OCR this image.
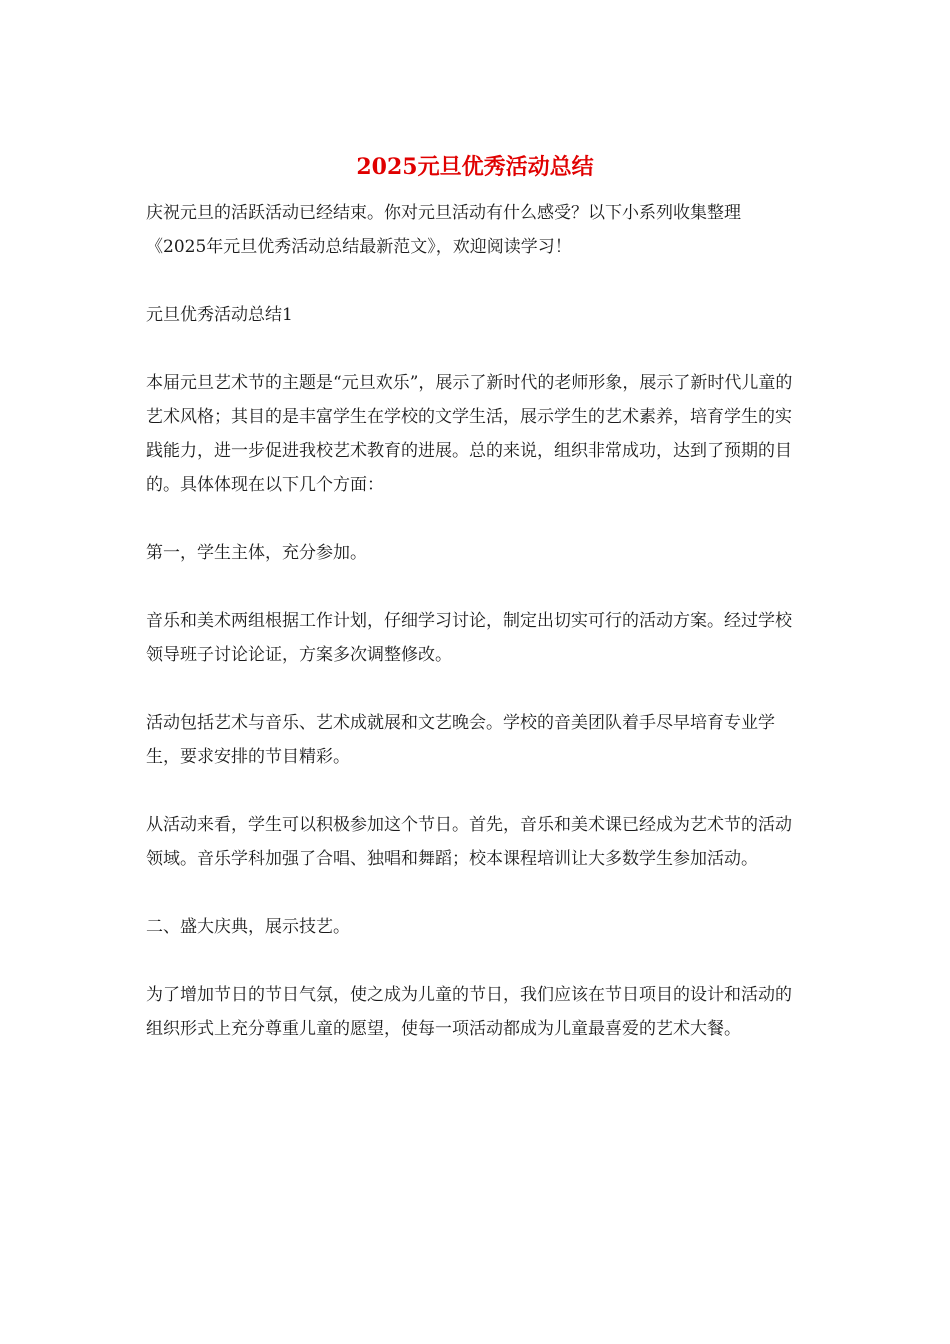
2025元旦优秀活动总结

庆祝元旦的活跃活动已经结束。你对元旦活动有什么感受？以下小系列收集整理《2025年元旦优秀活动总结最新范文》，欢迎阅读学习！

元旦优秀活动总结1

本届元旦艺术节的主题是“元旦欢乐”，展示了新时代的老师形象，展示了新时代儿童的艺术风格；其目的是丰富学生在学校的文学生活，展示学生的艺术素养，培育学生的实践能力，进一步促进我校艺术教育的进展。总的来说，组织非常成功，达到了预期的目的。具体体现在以下几个方面：

第一，学生主体，充分参加。

音乐和美术两组根据工作计划，仔细学习讨论，制定出切实可行的活动方案。经过学校领导班子讨论论证，方案多次调整修改。

活动包括艺术与音乐、艺术成就展和文艺晚会。学校的音美团队着手尽早培育专业学生，要求安排的节目精彩。

从活动来看，学生可以积极参加这个节日。首先，音乐和美术课已经成为艺术节的活动领域。音乐学科加强了合唱、独唱和舞蹈；校本课程培训让大多数学生参加活动。

二、盛大庆典，展示技艺。

为了增加节日的节日气氛，使之成为儿童的节日，我们应该在节日项目的设计和活动的组织形式上充分尊重儿童的愿望，使每一项活动都成为儿童最喜爱的艺术大餐。
